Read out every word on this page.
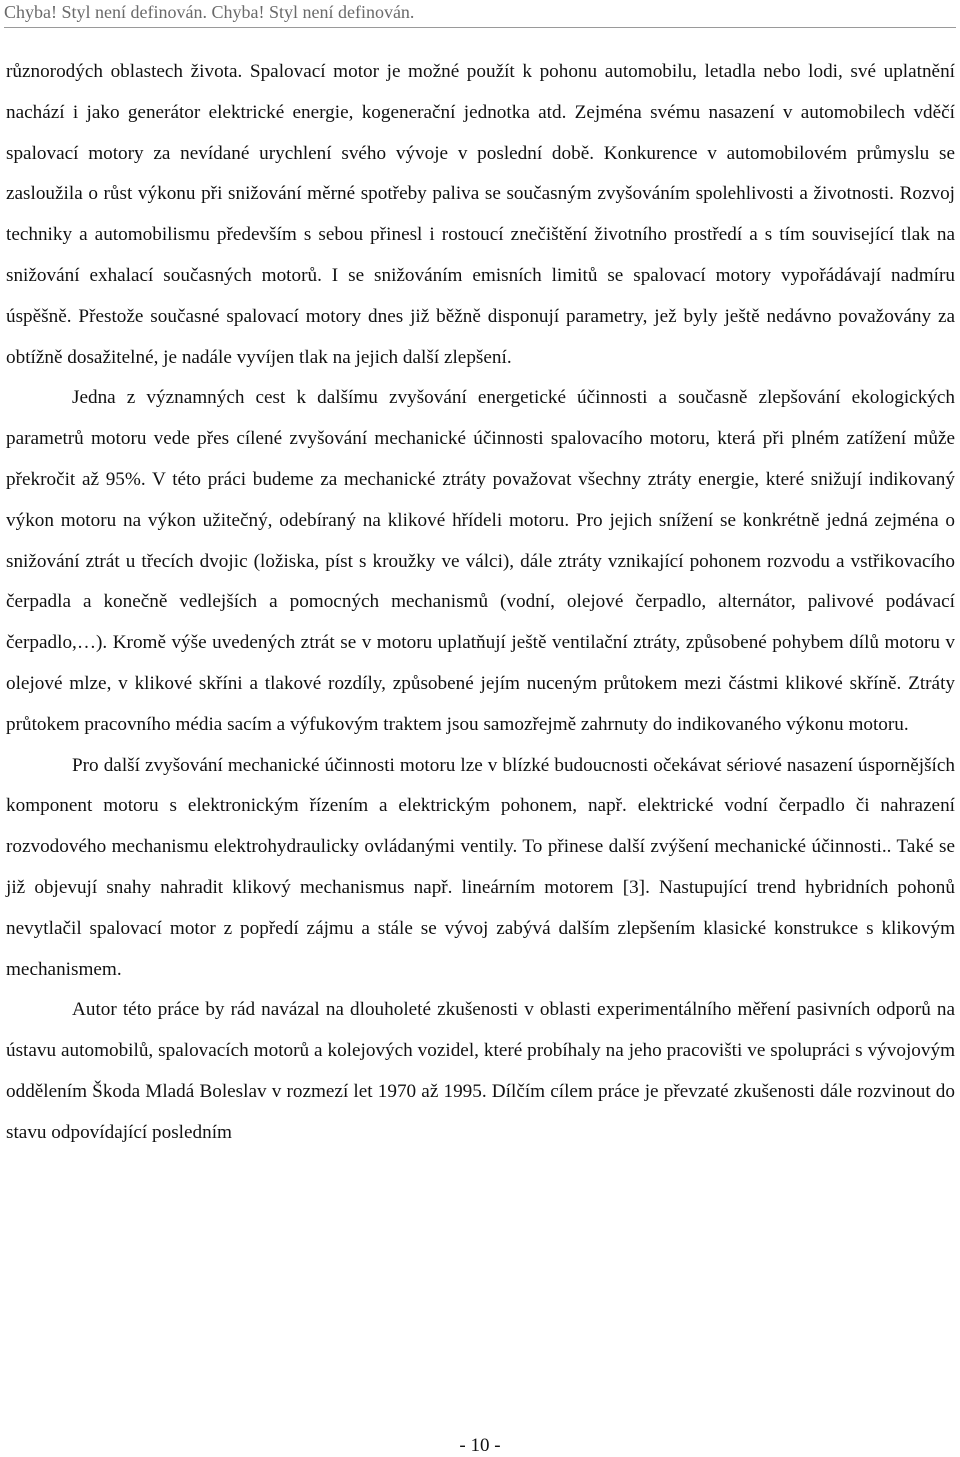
Chyba! Styl není definován. Chyba! Styl není definován.

různorodých oblastech života. Spalovací motor je možné použít k pohonu automobilu, letadla nebo lodi, své uplatnění nachází i jako generátor elektrické energie, kogenerační jednotka atd. Zejména svému nasazení v automobilech vděčí spalovací motory za nevídané urychlení svého vývoje v poslední době. Konkurence v automobilovém průmyslu se zasloužila o růst výkonu při snižování měrné spotřeby paliva se současným zvyšováním spolehlivosti a životnosti. Rozvoj techniky a automobilismu především s sebou přinesl i rostoucí znečištění životního prostředí a s tím související tlak na snižování exhalací současných motorů. I se snižováním emisních limitů se spalovací motory vypořádávají nadmíru úspěšně. Přestože současné spalovací motory dnes již běžně disponují parametry, jež byly ještě nedávno považovány za obtížně dosažitelné, je nadále vyvíjen tlak na jejich další zlepšení.

Jedna z významných cest k dalšímu zvyšování energetické účinnosti a současně zlepšování ekologických parametrů motoru vede přes cílené zvyšování mechanické účinnosti spalovacího motoru, která při plném zatížení může překročit až 95%. V této práci budeme za mechanické ztráty považovat všechny ztráty energie, které snižují indikovaný výkon motoru na výkon užitečný, odebíraný na klikové hřídeli motoru. Pro jejich snížení se konkrétně jedná zejména o snižování ztrát u třecích dvojic (ložiska, píst s kroužky ve válci), dále ztráty vznikající pohonem rozvodu a vstřikovacího čerpadla a konečně vedlejších a pomocných mechanismů (vodní, olejové čerpadlo, alternátor, palivové podávací čerpadlo,…). Kromě výše uvedených ztrát se v motoru uplatňují ještě ventilační ztráty, způsobené pohybem dílů motoru v olejové mlze, v klikové skříni a tlakové rozdíly, způsobené jejím nuceným průtokem mezi částmi klikové skříně. Ztráty průtokem pracovního média sacím a výfukovým traktem jsou samozřejmě zahrnuty do indikovaného výkonu motoru.

Pro další zvyšování mechanické účinnosti motoru lze v blízké budoucnosti očekávat sériové nasazení úspornějších komponent motoru s elektronickým řízením a elektrickým pohonem, např. elektrické vodní čerpadlo či nahrazení rozvodového mechanismu elektrohydraulicky ovládanými ventily. To přinese další zvýšení mechanické účinnosti.. Také se již objevují snahy nahradit klikový mechanismus např. lineárním motorem [3]. Nastupující trend hybridních pohonů nevytlačil spalovací motor z popředí zájmu a stále se vývoj zabývá dalším zlepšením klasické konstrukce s klikovým mechanismem.

Autor této práce by rád navázal na dlouholeté zkušenosti v oblasti experimentálního měření pasivních odporů na ústavu automobilů, spalovacích motorů a kolejových vozidel, které probíhaly na jeho pracovišti ve spolupráci s vývojovým oddělením Škoda Mladá Boleslav v rozmezí let 1970 až 1995. Dílčím cílem práce je převzaté zkušenosti dále rozvinout do stavu odpovídající posledním

- 10 -
